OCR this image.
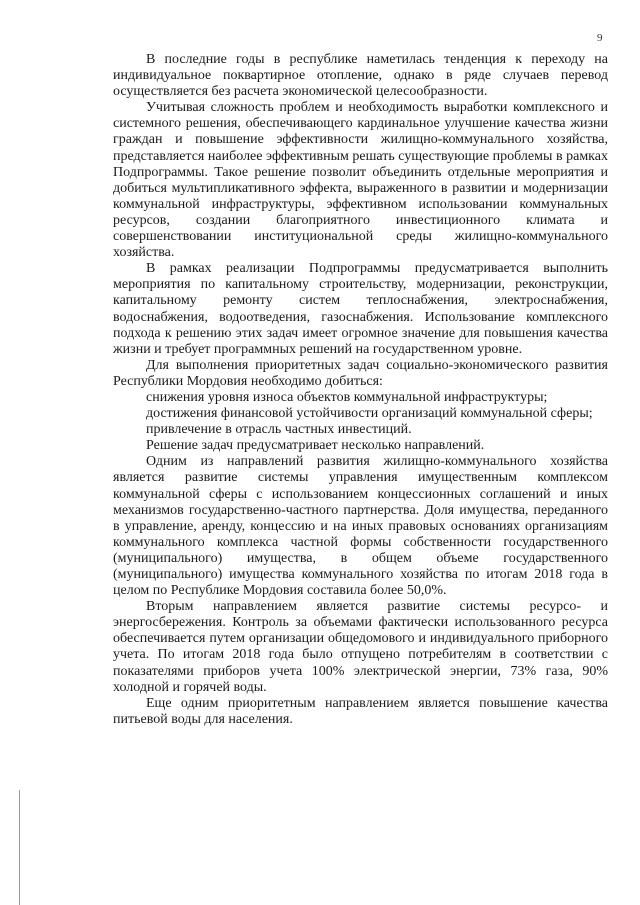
9

В последние годы в республике наметилась тенденция к переходу на индивидуальное поквартирное отопление, однако в ряде случаев перевод осуществляется без расчета экономической целесообразности.

Учитывая сложность проблем и необходимость выработки комплексного и системного решения, обеспечивающего кардинальное улучшение качества жизни граждан и повышение эффективности жилищно-коммунального хозяйства, представляется наиболее эффективным решать существующие проблемы в рамках Подпрограммы. Такое решение позволит объединить отдельные мероприятия и добиться мультипликативного эффекта, выраженного в развитии и модернизации коммунальной инфраструктуры, эффективном использовании коммунальных ресурсов, создании благоприятного инвестиционного климата и совершенствовании институциональной среды жилищно-коммунального хозяйства.

В рамках реализации Подпрограммы предусматривается выполнить мероприятия по капитальному строительству, модернизации, реконструкции, капитальному ремонту систем теплоснабжения, электроснабжения, водоснабжения, водоотведения, газоснабжения. Использование комплексного подхода к решению этих задач имеет огромное значение для повышения качества жизни и требует программных решений на государственном уровне.

Для выполнения приоритетных задач социально-экономического развития Республики Мордовия необходимо добиться:

снижения уровня износа объектов коммунальной инфраструктуры;

достижения финансовой устойчивости организаций коммунальной сферы;

привлечение в отрасль частных инвестиций.

Решение задач предусматривает несколько направлений.

Одним из направлений развития жилищно-коммунального хозяйства является развитие системы управления имущественным комплексом коммунальной сферы с использованием концессионных соглашений и иных механизмов государственно-частного партнерства. Доля имущества, переданного в управление, аренду, концессию и на иных правовых основаниях организациям коммунального комплекса частной формы собственности государственного (муниципального) имущества, в общем объеме государственного (муниципального) имущества коммунального хозяйства по итогам 2018 года в целом по Республике Мордовия составила более 50,0%.

Вторым направлением является развитие системы ресурсо- и энергосбережения. Контроль за объемами фактически использованного ресурса обеспечивается путем организации общедомового и индивидуального приборного учета. По итогам 2018 года было отпущено потребителям в соответствии с показателями приборов учета 100% электрической энергии, 73% газа, 90% холодной и горячей воды.

Еще одним приоритетным направлением является повышение качества питьевой воды для населения.
